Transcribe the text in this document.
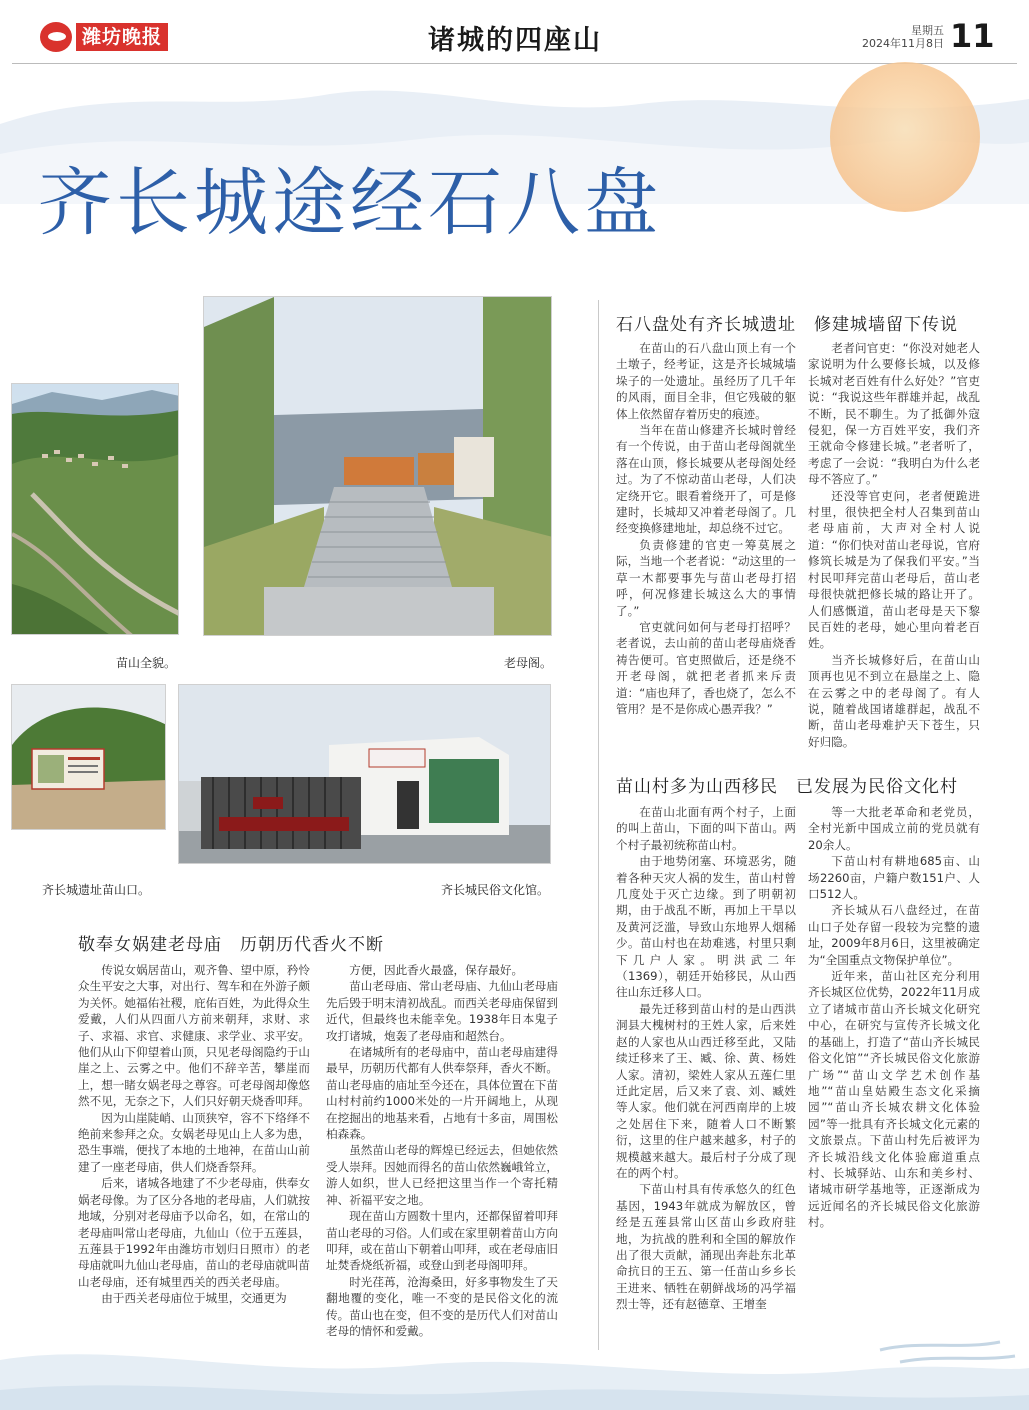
潍坊晚报	诸城的四座山	星期五
2024年11月8日 11
齐长城途经石八盘
苗山全貌。	老母阁。
齐长城遗址苗山口。	齐长城民俗文化馆。
石八盘处有齐长城遗址　修建城墙留下传说

在苗山的石八盘山顶上有一个土墩子，经考证，这是齐长城城墙垛子的一处遗址。虽经历了几千年的风雨，面目全非，但它残破的躯体上依然留存着历史的痕迹。

当年在苗山修建齐长城时曾经有一个传说，由于苗山老母阁就坐落在山顶，修长城要从老母阁处经过。为了不惊动苗山老母，人们决定绕开它。眼看着绕开了，可是修建时，长城却又冲着老母阁了。几经变换修建地址，却总绕不过它。

负责修建的官吏一筹莫展之际，当地一个老者说：“动这里的一草一木都要事先与苗山老母打招呼，何况修建长城这么大的事情了。”

官吏就问如何与老母打招呼？老者说，去山前的苗山老母庙烧香祷告便可。官吏照做后，还是绕不开老母阁，就把老者抓来斥责道：“庙也拜了，香也烧了，怎么不管用？是不是你成心愚弄我？”

老者问官吏：“你没对她老人家说明为什么要修长城，以及修长城对老百姓有什么好处？”官吏说：“我说这些年群雄并起，战乱不断，民不聊生。为了抵御外寇侵犯，保一方百姓平安，我们齐王就命令修建长城。”老者听了，考虑了一会说：“我明白为什么老母不答应了。”

还没等官吏问，老者便跪进村里，很快把全村人召集到苗山老母庙前，大声对全村人说道：“你们快对苗山老母说，官府修筑长城是为了保我们平安。”当村民叩拜完苗山老母后，苗山老母很快就把修长城的路让开了。人们感慨道，苗山老母是天下黎民百姓的老母，她心里向着老百姓。

当齐长城修好后，在苗山山顶再也见不到立在悬崖之上、隐在云雾之中的老母阁了。有人说，随着战国诸雄群起，战乱不断，苗山老母难护天下苍生，只好归隐。

苗山村多为山西移民　已发展为民俗文化村

在苗山北面有两个村子，上面的叫上苗山，下面的叫下苗山。两个村子最初统称苗山村。

由于地势闭塞、环境恶劣，随着各种天灾人祸的发生，苗山村曾几度处于灭亡边缘。到了明朝初期，由于战乱不断，再加上干旱以及黄河泛滥，导致山东地界人烟稀少。苗山村也在劫难逃，村里只剩下几户人家。明洪武二年（1369），朝廷开始移民，从山西往山东迁移人口。

最先迁移到苗山村的是山西洪洞县大槐树村的王姓人家，后来姓赵的人家也从山西迁移至此，又陆续迁移来了王、臧、徐、黄、杨姓人家。清初，梁姓人家从五莲仁里迁此定居，后又来了袁、刘、臧姓等人家。他们就在河西南岸的上坡之处居住下来，随着人口不断繁衍，这里的住户越来越多，村子的规模越来越大。最后村子分成了现在的两个村。

下苗山村具有传承悠久的红色基因，1943年就成为解放区，曾经是五莲县常山区苗山乡政府驻地，为抗战的胜利和全国的解放作出了很大贡献，涌现出奔赴东北革命抗日的王五、第一任苗山乡乡长王进来、牺牲在朝鲜战场的冯学福烈士等，还有赵德章、王增奎

等一大批老革命和老党员，全村光新中国成立前的党员就有20余人。

下苗山村有耕地685亩、山场2260亩，户籍户数151户、人口512人。

齐长城从石八盘经过，在苗山口子处存留一段较为完整的遗址，2009年8月6日，这里被确定为“全国重点文物保护单位”。

近年来，苗山社区充分利用齐长城区位优势，2022年11月成立了诸城市苗山齐长城文化研究中心，在研究与宣传齐长城文化的基础上，打造了“苗山齐长城民俗文化馆”“齐长城民俗文化旅游广场”“苗山文学艺术创作基地”“苗山皇姑殿生态文化采摘园”“苗山齐长城农耕文化体验园”等一批具有齐长城文化元素的文旅景点。下苗山村先后被评为齐长城沿线文化体验廊道重点村、长城驿站、山东和美乡村、诸城市研学基地等，正逐渐成为远近闻名的齐长城民俗文化旅游村。

敬奉女娲建老母庙　历朝历代香火不断

传说女娲居苗山，观齐鲁、望中原，矜怜众生平安之大事，对出行、驾车和在外游子颇为关怀。她福佑社稷，庇佑百姓，为此得众生爱戴，人们从四面八方前来朝拜，求财、求子、求福、求官、求健康、求学业、求平安。他们从山下仰望着山顶，只见老母阁隐约于山崖之上、云雾之中。他们不辞辛苦，攀崖而上，想一睹女娲老母之尊容。可老母阁却像悠然不见，无奈之下，人们只好朝天烧香叩拜。

因为山崖陡峭、山顶狭窄，容不下络绎不绝前来参拜之众。女娲老母见山上人多为患，恐生事端，便找了本地的土地神，在苗山山前建了一座老母庙，供人们烧香祭拜。

后来，诸城各地建了不少老母庙，供奉女娲老母像。为了区分各地的老母庙，人们就按地域，分别对老母庙予以命名，如，在常山的老母庙叫常山老母庙，九仙山（位于五莲县，五莲县于1992年由潍坊市划归日照市）的老母庙就叫九仙山老母庙，苗山的老母庙就叫苗山老母庙，还有城里西关的西关老母庙。

由于西关老母庙位于城里，交通更为

方便，因此香火最盛，保存最好。

苗山老母庙、常山老母庙、九仙山老母庙先后毁于明末清初战乱。而西关老母庙保留到近代，但最终也未能幸免。1938年日本鬼子攻打诸城，炮轰了老母庙和超然台。

在诸城所有的老母庙中，苗山老母庙建得最早，历朝历代都有人供奉祭拜，香火不断。苗山老母庙的庙址至今还在，具体位置在下苗山村村前约1000米处的一片开阔地上，从现在挖掘出的地基来看，占地有十多亩，周围松柏森森。

虽然苗山老母的辉煌已经远去，但她依然受人崇拜。因她而得名的苗山依然巍峨耸立，游人如织，世人已经把这里当作一个寄托精神、祈福平安之地。

现在苗山方圆数十里内，还都保留着叩拜苗山老母的习俗。人们或在家里朝着苗山方向叩拜，或在苗山下朝着山叩拜，或在老母庙旧址焚香烧纸祈福，或登山到老母阁叩拜。

时光荏苒，沧海桑田，好多事物发生了天翻地覆的变化，唯一不变的是民俗文化的流传。苗山也在变，但不变的是历代人们对苗山老母的情怀和爱戴。
